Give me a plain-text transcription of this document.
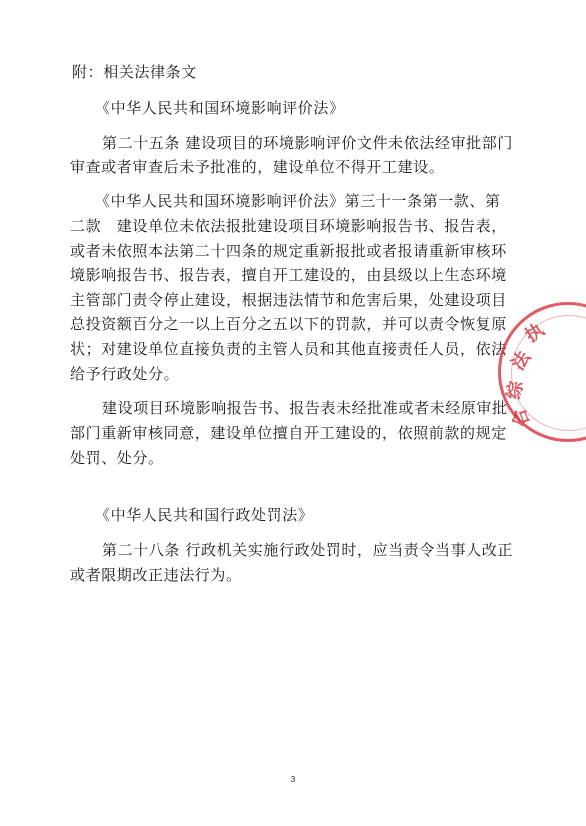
附：相关法律条文
《中华人民共和国环境影响评价法》
第二十五条 建设项目的环境影响评价文件未依法经审批部门
审查或者审查后未予批准的，建设单位不得开工建设。
《中华人民共和国环境影响评价法》第三十一条第一款、第
二款　建设单位未依法报批建设项目环境影响报告书、报告表，
或者未依照本法第二十四条的规定重新报批或者报请重新审核环
境影响报告书、报告表，擅自开工建设的，由县级以上生态环境
主管部门责令停止建设，根据违法情节和危害后果，处建设项目
总投资额百分之一以上百分之五以下的罚款，并可以责令恢复原
状；对建设单位直接负责的主管人员和其他直接责任人员，依法
给予行政处分。
建设项目环境影响报告书、报告表未经批准或者未经原审批
部门重新审核同意，建设单位擅自开工建设的，依照前款的规定
处罚、处分。
《中华人民共和国行政处罚法》
第二十八条 行政机关实施行政处罚时，应当责令当事人改正
或者限期改正违法行为。
3
执
法
综
合
